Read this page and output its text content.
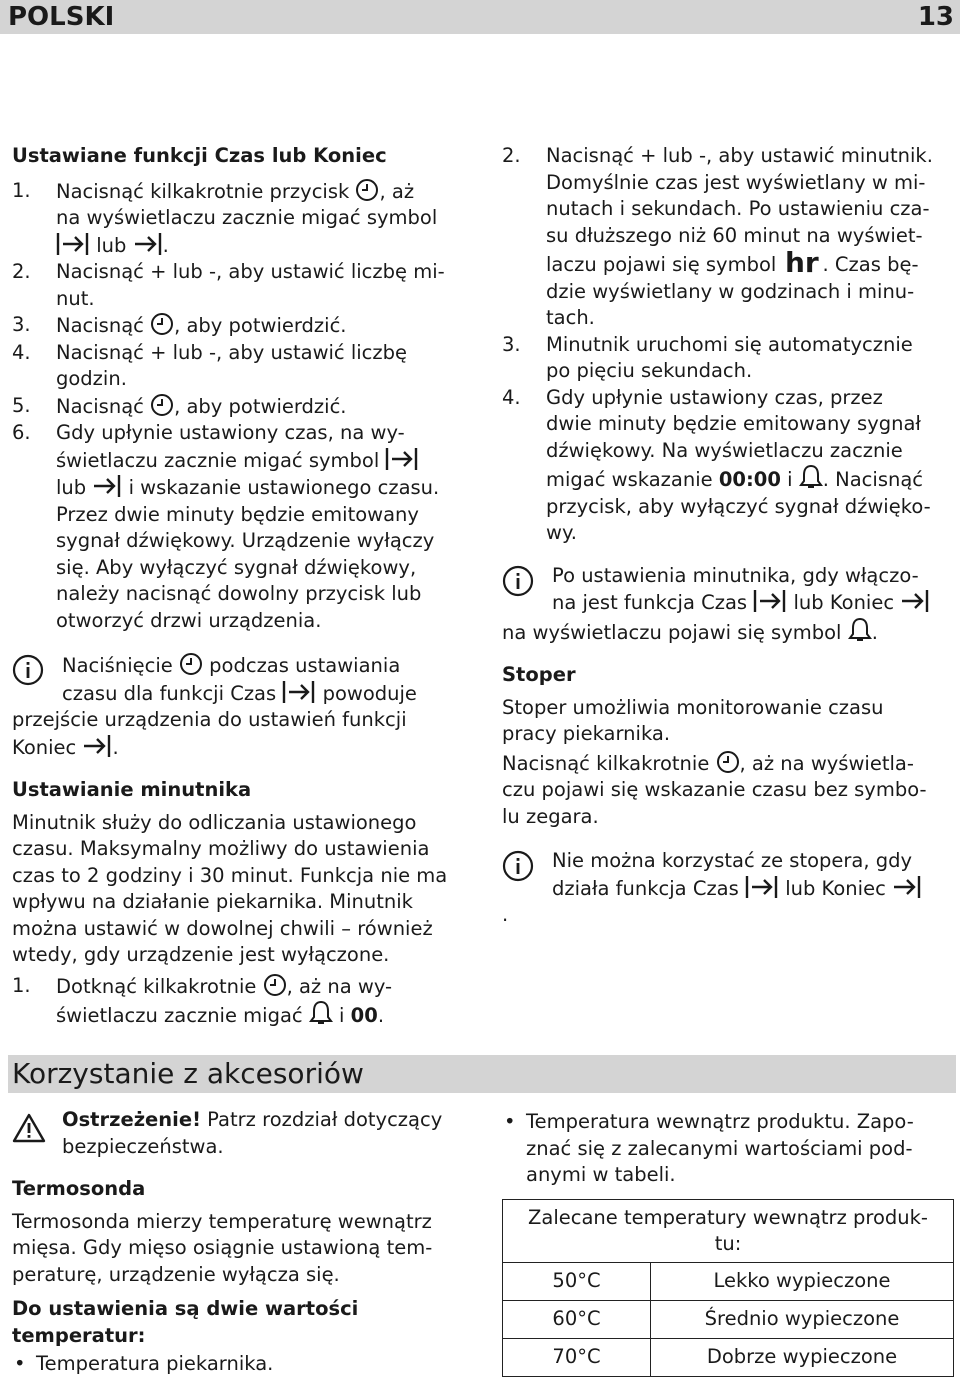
POLSKI	13

Ustawiane funkcji Czas lub Koniec

1. Nacisnąć kilkakrotnie przycisk , aż
na wyświetlaczu zacznie migać symbol
lub .
2. Nacisnąć + lub -, aby ustawić liczbę mi-
nut.
3. Nacisnąć , aby potwierdzić.
4. Nacisnąć + lub -, aby ustawić liczbę
godzin.
5. Nacisnąć , aby potwierdzić.
6. Gdy upłynie ustawiony czas, na wy-
świetlaczu zacznie migać symbol
lub i wskazanie ustawionego czasu.
Przez dwie minuty będzie emitowany
sygnał dźwiękowy. Urządzenie wyłączy
się. Aby wyłączyć sygnał dźwiękowy,
należy nacisnąć dowolny przycisk lub
otworzyć drzwi urządzenia.
Naciśnięcie podczas ustawiania
czasu dla funkcji Czas powoduje
przejście urządzenia do ustawień funkcji
Koniec .

Ustawianie minutnika

Minutnik służy do odliczania ustawionego
czasu. Maksymalny możliwy do ustawienia
czas to 2 godziny i 30 minut. Funkcja nie ma
wpływu na działanie piekarnika. Minutnik
można ustawić w dowolnej chwili – również
wtedy, gdy urządzenie jest wyłączone.
1. Dotknąć kilkakrotnie , aż na wy-
świetlaczu zacznie migać i 00.
2. Nacisnąć + lub -, aby ustawić minutnik.
Domyślnie czas jest wyświetlany w mi-
nutach i sekundach. Po ustawieniu cza-
su dłuższego niż 60 minut na wyświet-
laczu pojawi się symbol hr . Czas bę-
dzie wyświetlany w godzinach i minu-
tach.
3. Minutnik uruchomi się automatycznie
po pięciu sekundach.
4. Gdy upłynie ustawiony czas, przez
dwie minuty będzie emitowany sygnał
dźwiękowy. Na wyświetlaczu zacznie
migać wskazanie 00:00 i . Nacisnąć
przycisk, aby wyłączyć sygnał dźwięko-
wy.
Po ustawienia minutnika, gdy włączo-
na jest funkcja Czas lub Koniec
na wyświetlaczu pojawi się symbol .

Stoper

Stoper umożliwia monitorowanie czasu
pracy piekarnika.
Nacisnąć kilkakrotnie , aż na wyświetla-
czu pojawi się wskazanie czasu bez symbo-
lu zegara.
Nie można korzystać ze stopera, gdy
działa funkcja Czas lub Koniec
.
Korzystanie z akcesoriów
Ostrzeżenie! Patrz rozdział dotyczący
bezpieczeństwa.

Termosonda

Termosonda mierzy temperaturę wewnątrz
mięsa. Gdy mięso osiągnie ustawioną tem-
peraturę, urządzenie wyłącza się.

Do ustawienia są dwie wartości

temperatur:

• Temperatura piekarnika.
• Temperatura wewnątrz produktu. Zapo-
znać się z zalecanymi wartościami pod-
anymi w tabeli.
Zalecane temperatury wewnątrz produk-
tu:	

50°C	Lekko wypieczone
60°C	Średnio wypieczone
70°C	Dobrze wypieczone
